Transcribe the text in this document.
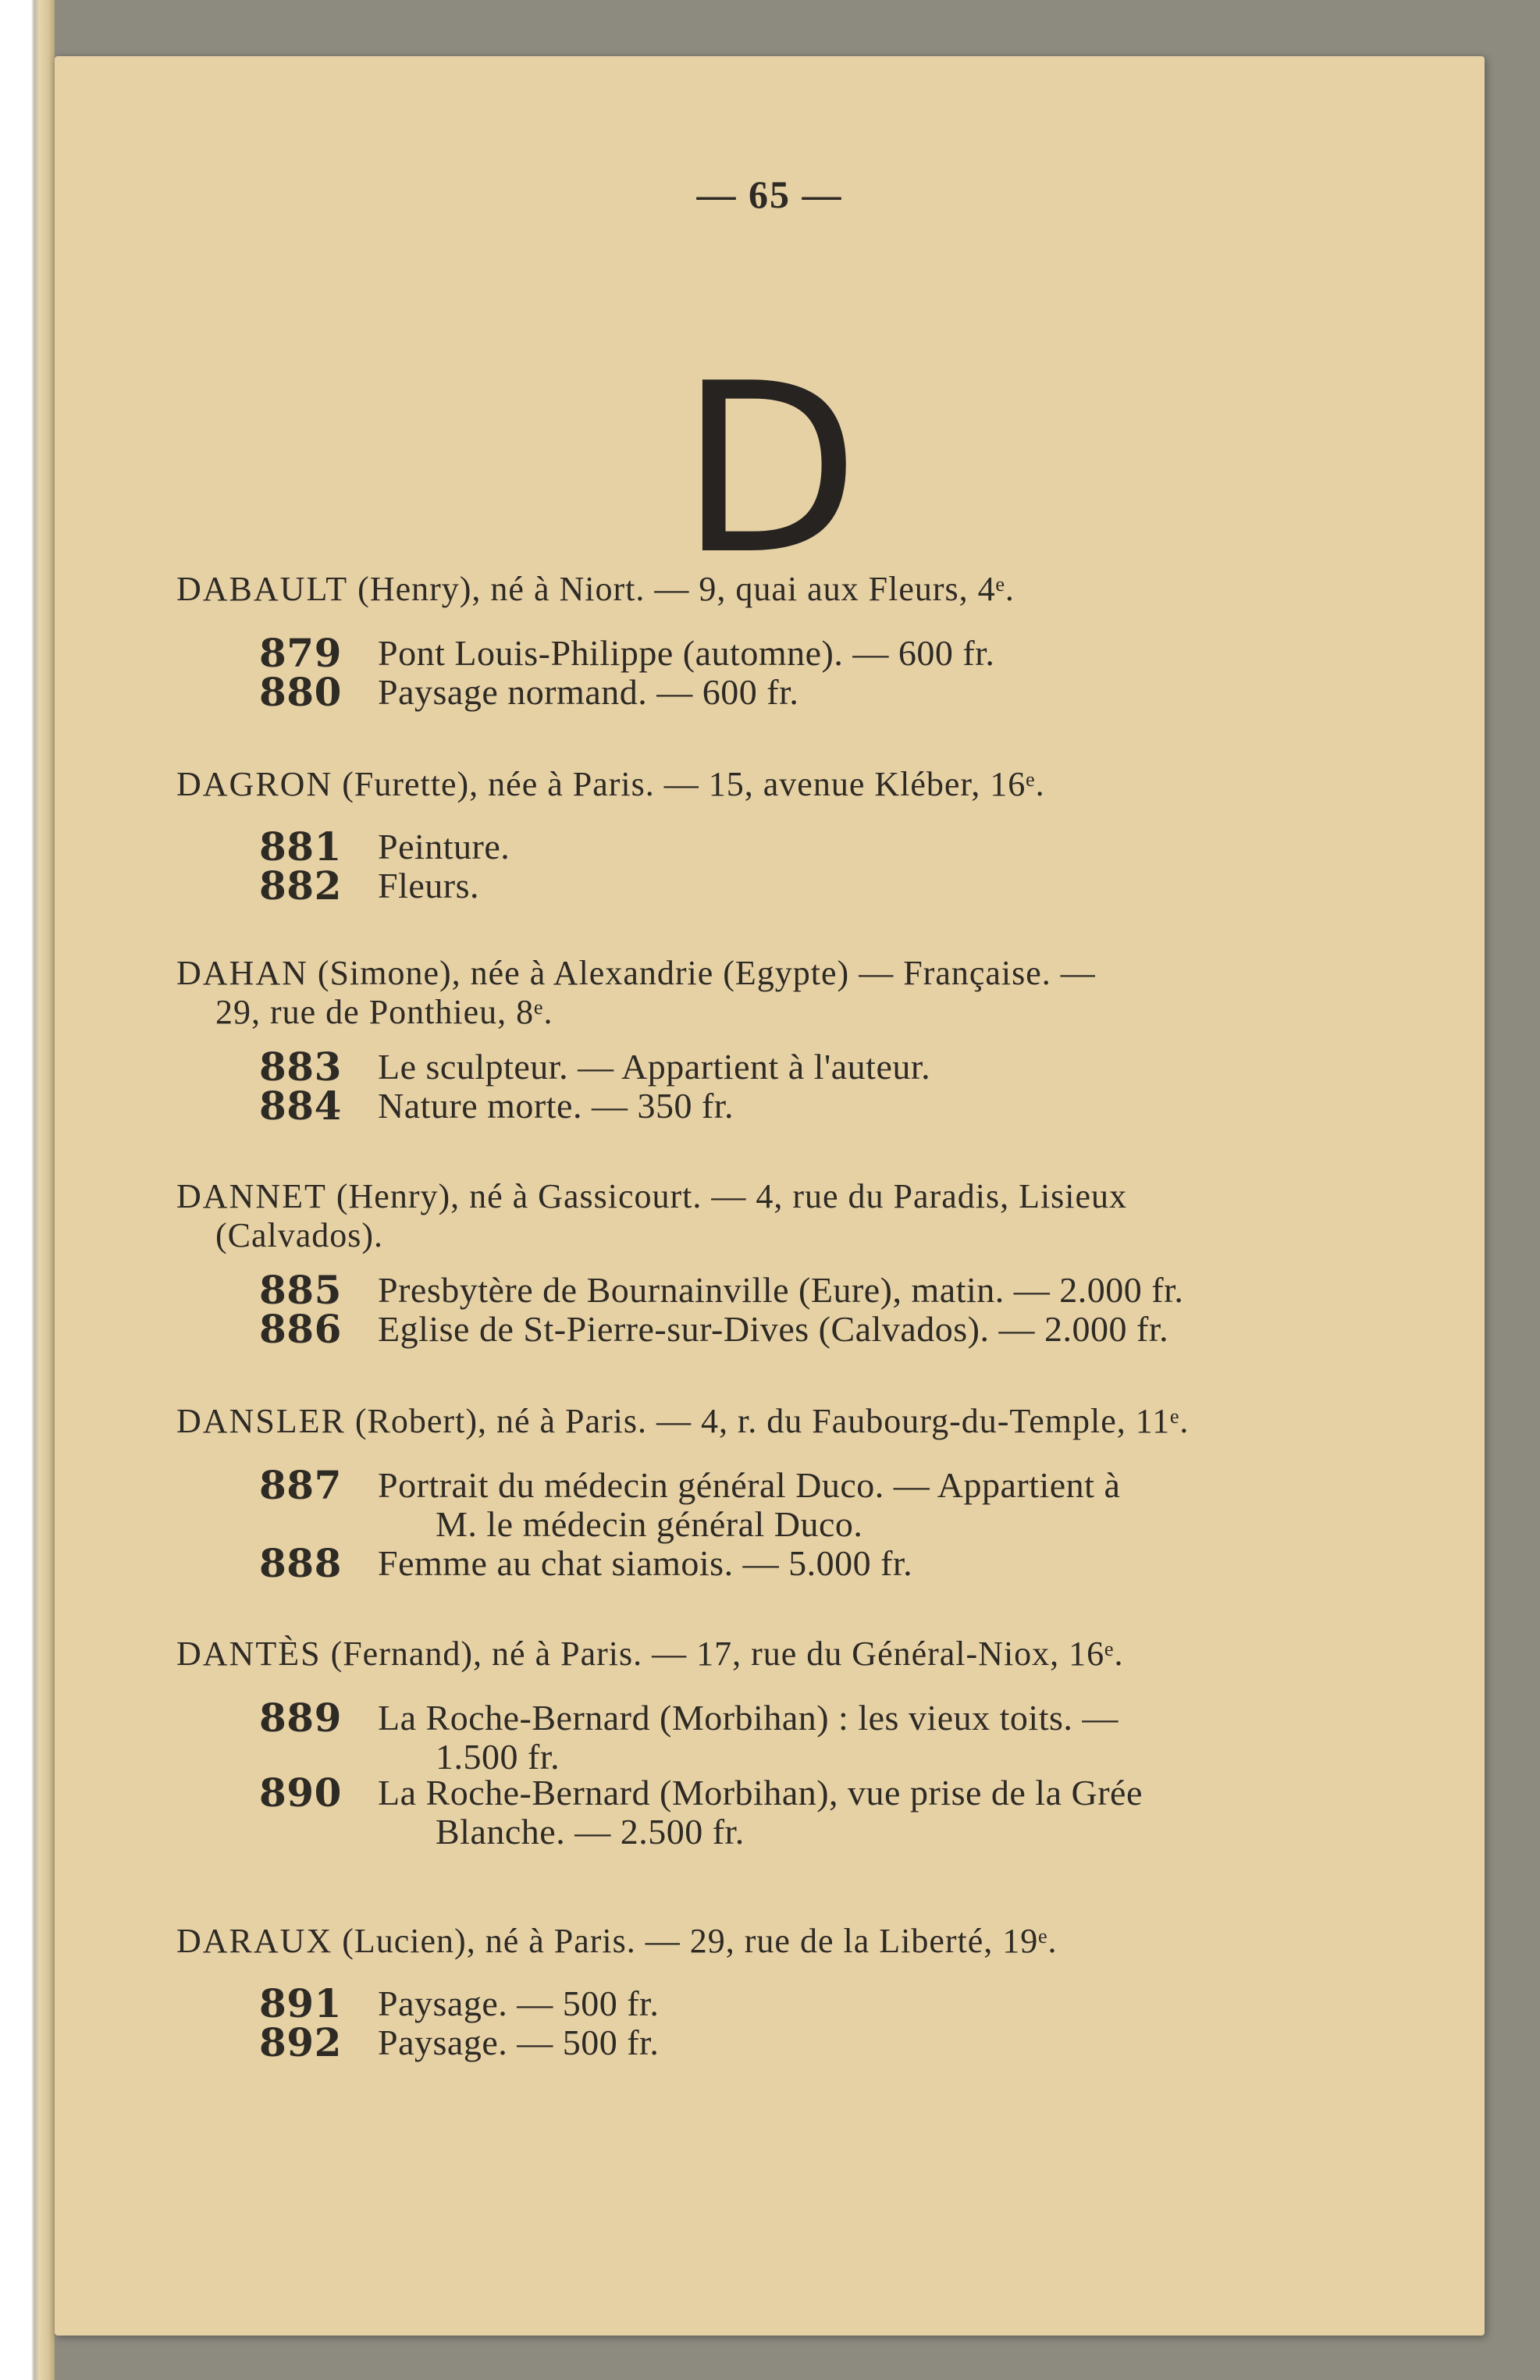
— 65 —
D
DABAULT (Henry), né à Niort. — 9, quai aux Fleurs, 4ᵉ.
879	Pont Louis-Philippe (automne). — 600 fr.
880	Paysage normand. — 600 fr.
DAGRON (Furette), née à Paris. — 15, avenue Kléber, 16ᵉ.
881	Peinture.
882	Fleurs.
DAHAN (Simone), née à Alexandrie (Egypte) — Française. —
29, rue de Ponthieu, 8ᵉ.
883	Le sculpteur. — Appartient à l'auteur.
884	Nature morte. — 350 fr.
DANNET (Henry), né à Gassicourt. — 4, rue du Paradis, Lisieux
(Calvados).
885	Presbytère de Bournainville (Eure), matin. — 2.000 fr.
886	Eglise de St-Pierre-sur-Dives (Calvados). — 2.000 fr.
DANSLER (Robert), né à Paris. — 4, r. du Faubourg-du-Temple, 11ᵉ.
887	Portrait du médecin général Duco. — Appartient à
M. le médecin général Duco.
888	Femme au chat siamois. — 5.000 fr.
DANTÈS (Fernand), né à Paris. — 17, rue du Général-Niox, 16ᵉ.
889	La Roche-Bernard (Morbihan) : les vieux toits. —
1.500 fr.
890	La Roche-Bernard (Morbihan), vue prise de la Grée
Blanche. — 2.500 fr.
DARAUX (Lucien), né à Paris. — 29, rue de la Liberté, 19ᵉ.
891	Paysage. — 500 fr.
892	Paysage. — 500 fr.
